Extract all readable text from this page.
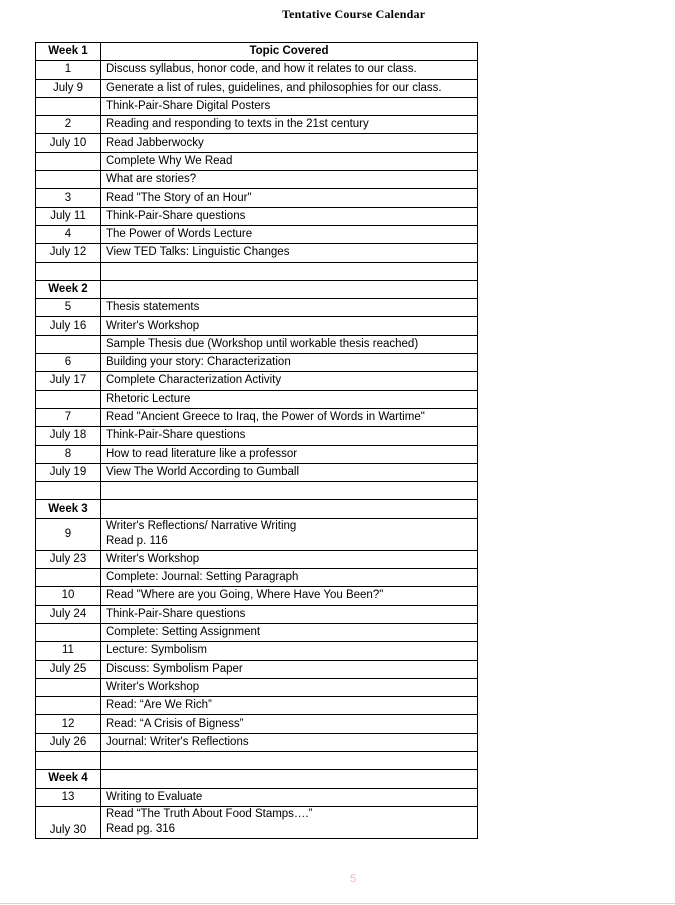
Tentative Course Calendar
Week 1	Topic Covered
1	Discuss syllabus, honor code, and how it relates to our class.
July 9	Generate a list of rules, guidelines, and philosophies for our class.
	Think-Pair-Share Digital Posters
2	Reading and responding to texts in the 21st century
July 10	Read Jabberwocky
	Complete Why We Read
	What are stories?
3	Read "The Story of an Hour"
July 11	Think-Pair-Share questions
4	The Power of Words Lecture
July 12	View TED Talks: Linguistic Changes

Week 2	
5	Thesis statements
July 16	Writer's Workshop
	Sample Thesis due (Workshop until workable thesis reached)
6	Building your story: Characterization
July 17	Complete Characterization Activity
	Rhetoric Lecture
7	Read "Ancient Greece to Iraq, the Power of Words in Wartime"
July 18	Think-Pair-Share questions
8	How to read literature like a professor
July 19	View The World According to Gumball

Week 3	
9	Writer's Reflections/ Narrative Writing
Read p. 116

July 23	Writer's Workshop
	Complete: Journal: Setting Paragraph
10	Read "Where are you Going, Where Have You Been?"
July 24	Think-Pair-Share questions
	Complete: Setting Assignment
11	Lecture: Symbolism
July 25	Discuss: Symbolism Paper
	Writer's Workshop
	Read: “Are We Rich”
12	Read: “A Crisis of Bigness”
July 26	Journal: Writer's Reflections

Week 4	
13	Writing to Evaluate
July 30	Read “The Truth About Food Stamps….”
Read pg. 316
5
